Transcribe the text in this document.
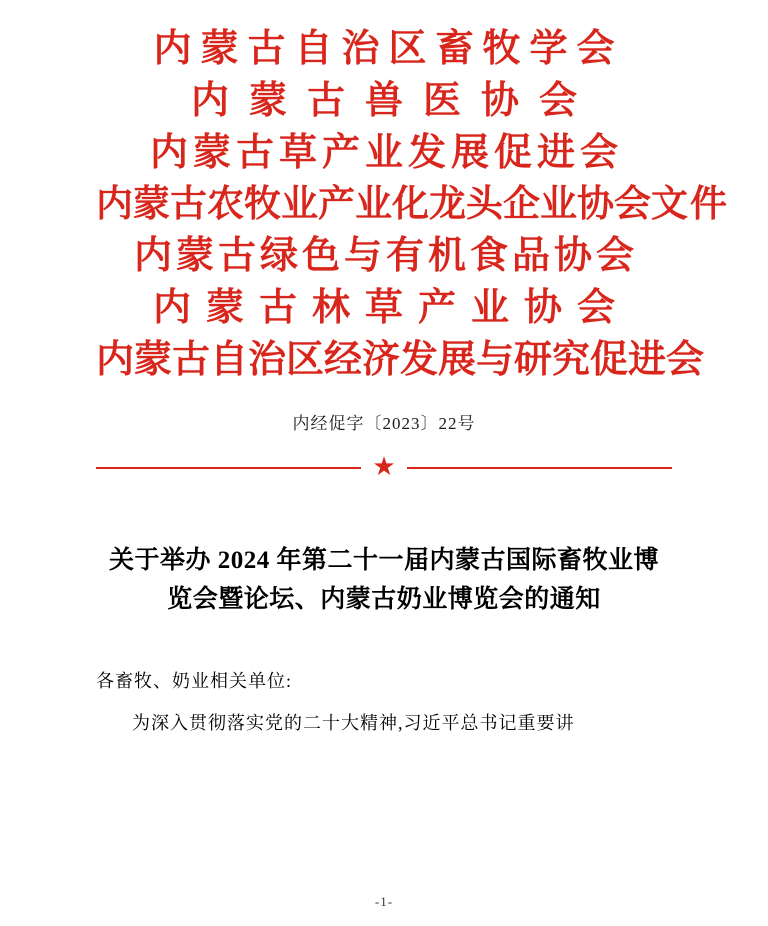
内蒙古自治区畜牧学会
内蒙古兽医协会
内蒙古草产业发展促进会
内蒙古农牧业产业化龙头企业协会文件
内蒙古绿色与有机食品协会
内蒙古林草产业协会
内蒙古自治区经济发展与研究促进会
内经促字〔2023〕22号
★
关于举办 2024 年第二十一届内蒙古国际畜牧业博览会暨论坛、内蒙古奶业博览会的通知
各畜牧、奶业相关单位:
为深入贯彻落实党的二十大精神,习近平总书记重要讲
-1-
